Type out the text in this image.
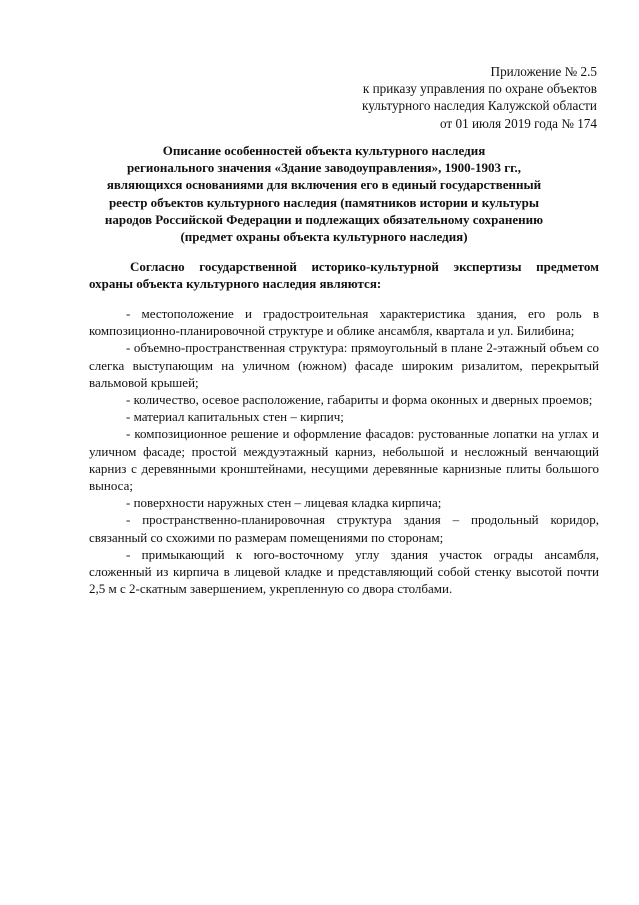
Приложение № 2.5
к приказу управления по охране объектов
культурного наследия Калужской области
от 01 июля 2019 года № 174
Описание особенностей объекта культурного наследия
регионального значения «Здание заводоуправления», 1900-1903 гг.,
являющихся основаниями для включения его в единый государственный
реестр объектов культурного наследия (памятников истории и культуры
народов Российской Федерации и подлежащих обязательному сохранению
(предмет охраны объекта культурного наследия)
Согласно государственной историко-культурной экспертизы предметом охраны объекта культурного наследия являются:

- местоположение и градостроительная характеристика здания, его роль в композиционно-планировочной структуре и облике ансамбля, квартала и ул. Билибина;

- объемно-пространственная структура: прямоугольный в плане 2-этажный объем со слегка выступающим на уличном (южном) фасаде широким ризалитом, перекрытый вальмовой крышей;

- количество, осевое расположение, габариты и форма оконных и дверных проемов;

- материал капитальных стен – кирпич;

- композиционное решение и оформление фасадов: рустованные лопатки на углах и уличном фасаде; простой междуэтажный карниз, небольшой и несложный венчающий карниз с деревянными кронштейнами, несущими деревянные карнизные плиты большого выноса;

- поверхности наружных стен – лицевая кладка кирпича;

- пространственно-планировочная структура здания – продольный коридор, связанный со схожими по размерам помещениями по сторонам;

- примыкающий к юго-восточному углу здания участок ограды ансамбля, сложенный из кирпича в лицевой кладке и представляющий собой стенку высотой почти 2,5 м с 2-скатным завершением, укрепленную со двора столбами.
